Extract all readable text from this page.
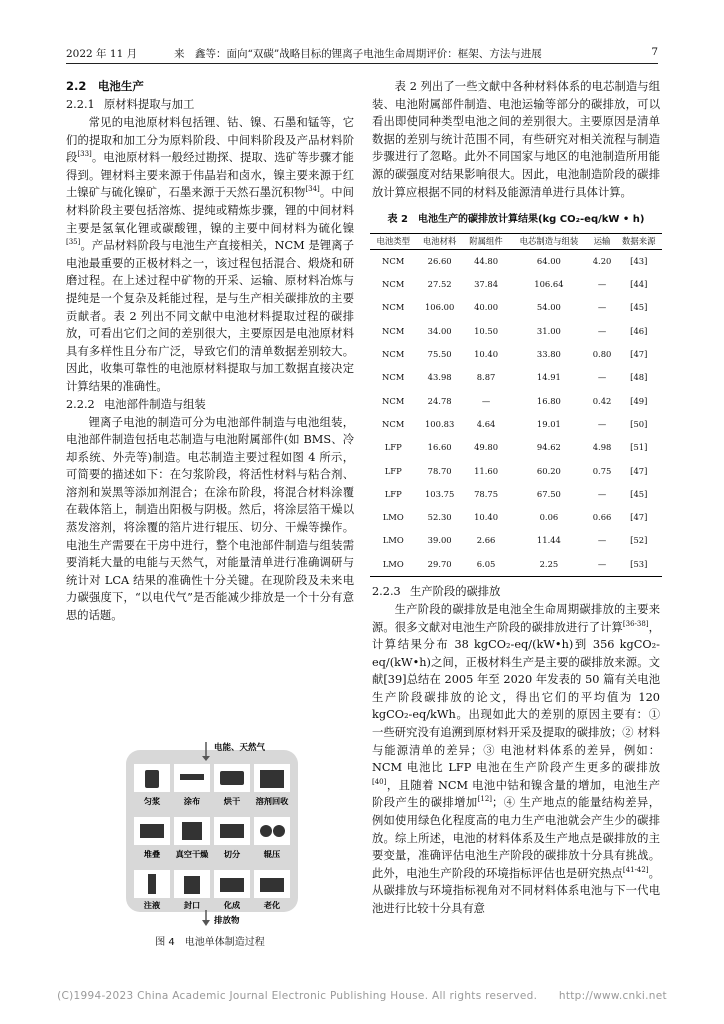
2022 年 11 月	来　鑫等：面向“双碳”战略目标的锂离子电池生命周期评价：框架、方法与进展	7
2.2　 电池生产
2.2.1 原材料提取与加工

常见的电池原材料包括锂、钴、镍、石墨和锰等，它们的提取和加工分为原料阶段、中间料阶段及产品材料阶段[33]。电池原材料一般经过勘探、提取、选矿等步骤才能得到。锂材料主要来源于伟晶岩和卤水，镍主要来源于红土镍矿与硫化镍矿，石墨来源于天然石墨沉积物[34]。中间材料阶段主要包括溶炼、提纯或精炼步骤，锂的中间材料主要是氢氧化锂或碳酸锂，镍的主要中间材料为硫化镍[35]。产品材料阶段与电池生产直接相关，NCM 是锂离子电池最重要的正极材料之一，该过程包括混合、煅烧和研磨过程。在上述过程中矿物的开采、运输、原材料冶炼与提纯是一个复杂及耗能过程，是与生产相关碳排放的主要贡献者。表 2 列出不同文献中电池材料提取过程的碳排放，可看出它们之间的差别很大，主要原因是电池原材料具有多样性且分布广泛，导致它们的清单数据差别较大。因此，收集可靠性的电池原材料提取与加工数据直接决定计算结果的准确性。

2.2.2 电池部件制造与组装

锂离子电池的制造可分为电池部件制造与电池组装，电池部件制造包括电芯制造与电池附属部件(如 BMS、冷却系统、外壳等)制造。电芯制造主要过程如图 4 所示，可简要的描述如下：在匀浆阶段，将活性材料与粘合剂、溶剂和炭黑等添加剂混合；在涂布阶段，将混合材料涂覆在载体箔上，制造出阳极与阴极。然后，将涂层箔干燥以蒸发溶剂，将涂覆的箔片进行辊压、切分、干燥等操作。电池生产需要在干房中进行，整个电池部件制造与组装需要消耗大量的电能与天然气，对能量清单进行准确调研与统计对 LCA 结果的准确性十分关键。在现阶段及未来电力碳强度下，“以电代气”是否能减少排放是一个十分有意思的话题。

电能、天然气
排放物
匀浆	涂布	烘干 溶剂回收
堆叠 真空干燥 切分	辊压
注液	封口	化成	老化
图 4　电池单体制造过程

表 2 列出了一些文献中各种材料体系的电芯制造与组装、电池附属部件制造、电池运输等部分的碳排放，可以看出即使同种类型电池之间的差别很大。主要原因是清单数据的差别与统计范围不同，有些研究对相关流程与制造步骤进行了忽略。此外不同国家与地区的电池制造所用能源的碳强度对结果影响很大。因此，电池制造阶段的碳排放计算应根据不同的材料及能源清单进行具体计算。

表 2　电池生产的碳排放计算结果(kg CO₂-eq/kW • h)
电池类型	电池材料	附属组件	电芯制造与组装	运输	数据来源
NCM	26.60	44.80	64.00	4.20	[43]
NCM	27.52	37.84	106.64	—	[44]
NCM	106.00	40.00	54.00	—	[45]
NCM	34.00	10.50	31.00	—	[46]
NCM	75.50	10.40	33.80	0.80	[47]
NCM	43.98	8.87	14.91	—	[48]
NCM	24.78	—	16.80	0.42	[49]
NCM	100.83	4.64	19.01	—	[50]
LFP	16.60	49.80	94.62	4.98	[51]
LFP	78.70	11.60	60.20	0.75	[47]
LFP	103.75	78.75	67.50	—	[45]
LMO	52.30	10.40	0.06	0.66	[47]
LMO	39.00	2.66	11.44	—	[52]
LMO	29.70	6.05	2.25	—	[53]
2.2.3 生产阶段的碳排放

生产阶段的碳排放是电池全生命周期碳排放的主要来源。很多文献对电池生产阶段的碳排放进行了计算[36-38]，计算结果分布 38 kgCO₂-eq/(kW•h)到 356 kgCO₂-eq/(kW•h)之间，正极材料生产是主要的碳排放来源。文献[39]总结在 2005 年至 2020 年发表的 50 篇有关电池生产阶段碳排放的论文，得出它们的平均值为 120 kgCO₂-eq/kWh。出现如此大的差别的原因主要有：① 一些研究没有追溯到原材料开采及提取的碳排放；② 材料与能源清单的差异；③ 电池材料体系的差异，例如：NCM 电池比 LFP 电池在生产阶段产生更多的碳排放[40]，且随着 NCM 电池中钴和镍含量的增加，电池生产阶段产生的碳排增加[12]；④ 生产地点的能量结构差异，例如使用绿色化程度高的电力生产电池就会产生少的碳排放。综上所述，电池的材料体系及生产地点是碳排放的主要变量，准确评估电池生产阶段的碳排放十分具有挑战。此外，电池生产阶段的环境指标评估也是研究热点[41-42]。从碳排放与环境指标视角对不同材料体系电池与下一代电池进行比较十分具有意

(C)1994-2023 China Academic Journal Electronic Publishing House. All rights reserved.　　http://www.cnki.net
